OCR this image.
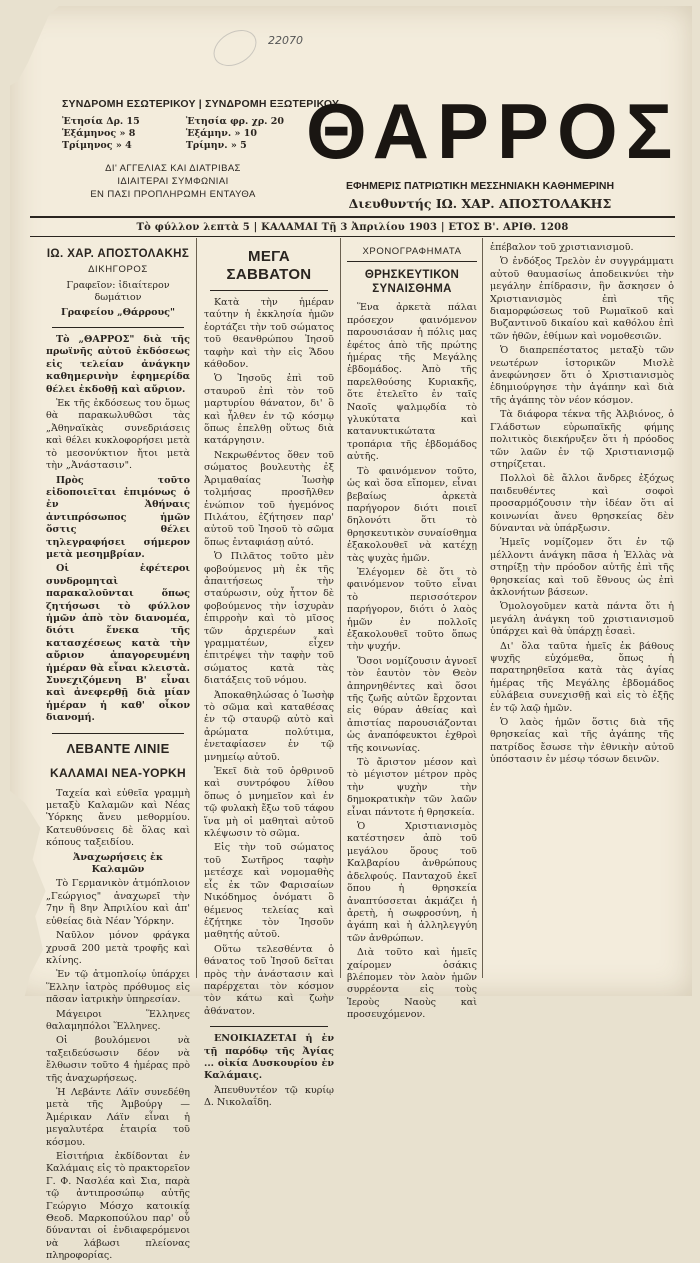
22070
ΣΥΝΔΡΟΜΗ ΕΣΩΤΕΡΙΚΟΥ | ΣΥΝΔΡΟΜΗ ΕΞΩΤΕΡΙΚΟΥ
Ἐτησία Δρ. 15
Ἑξάμηνος » 8
Τρίμηνος » 4
Ἐτησία φρ. χρ. 20
Ἑξάμην. » 10
Τρίμην. » 5
ΔΙ' ΑΓΓΕΛΙΑΣ ΚΑΙ ΔΙΑΤΡΙΒΑΣ
ΙΔΙΑΙΤΕΡΑΙ ΣΥΜΦΩΝΙΑΙ
ΕΝ ΠΑΣΙ ΠΡΟΠΛΗΡΩΜΗ ΕΝΤΑΥΘΑ
ΘΑΡΡΟΣ
ΕΦΗΜΕΡΙΣ ΠΑΤΡΙΩΤΙΚΗ ΜΕΣΣΗΝΙΑΚΗ ΚΑΘΗΜΕΡΙΝΗ
Διευθυντής ΙΩ. ΧΑΡ. ΑΠΟΣΤΟΛΑΚΗΣ
Τὸ φύλλον λεπτὰ 5 | ΚΑΛΑΜΑΙ Τῇ 3 Ἀπριλίου 1903 | ΕΤΟΣ Β'. ΑΡΙΘ. 1208
ΙΩ. ΧΑΡ. ΑΠΟΣΤΟΛΑΚΗΣ
ΔΙΚΗΓΟΡΟΣ

Γραφεῖον: ἰδιαίτερον δωμάτιον

Γραφείου „Θάρρους"

Τὸ „ΘΑΡΡΟΣ" διὰ τῆς πρωϊνῆς αὐτοῦ ἐκδόσεως εἰς τελείαν ἀνάγκην καθημερινὴν ἐφημερίδα θέλει ἐκδοθῇ καὶ αὔριον.

Ἐκ τῆς ἐκδόσεως του ὅμως θὰ παρακωλυθῶσι τὰς „Ἀθηναϊκὰς συνεδριάσεις καὶ θέλει κυκλοφορήσει μετὰ τὸ μεσονύκτιον ἤτοι μετὰ τὴν „Ἀνάστασιν".

Πρὸς τοῦτο εἰδοποιεῖται ἐπιμόνως ὁ ἐν Ἀθήναις ἀντιπρόσωπος ἡμῶν ὅστις θέλει τηλεγραφήσει σήμερον μετὰ μεσημβρίαν.

Οἱ ἐφέτεροι συνδρομηταὶ παρακαλοῦνται ὅπως ζητήσωσι τὸ φύλλον ἡμῶν ἀπὸ τὸν διανομέα, διότι ἕνεκα τῆς κατασχέσεως κατὰ τὴν αὔριον ἀπαγορευμένη ἡμέραν θὰ εἶναι κλειστὰ. Συνεχιζόμενη Β' εἶναι καὶ ἀνεφερθῇ διὰ μίαν ἡμέραν ἡ καθ' οἶκον διανομή.

ΛΕΒΑΝΤΕ ΛΙΝΙΕ
ΚΑΛΑΜΑΙ ΝΕΑ-ΥΟΡΚΗ

Ταχεία καὶ εὐθεῖα γραμμὴ μεταξὺ Καλαμῶν καὶ Νέας Ὑόρκης ἄνευ μεθορμίου. Κατευθύνσεις δὲ ὅλας καὶ κόπους ταξειδίου.

Ἀναχωρήσεις ἐκ Καλαμῶν

Τὸ Γερμανικὸν ἀτμόπλοιον „Γεώργιος" ἀναχωρεῖ τὴν 7ην ἢ 8ην Ἀπριλίου καὶ ἀπ' εὐθείας διὰ Νέαν Ὑόρκην.

Ναῦλον μόνον φράγκα χρυσᾶ 200 μετὰ τροφῆς καὶ κλίνης.

Ἐν τῷ ἀτμοπλοίῳ ὑπάρχει Ἕλλην ἰατρὸς πρόθυμος εἰς πᾶσαν ἰατρικὴν ὑπηρεσίαν.

Μάγειροι Ἕλληνες θαλαμηπόλοι Ἕλληνες.

Οἱ βουλόμενοι νὰ ταξειδεύσωσιν δέον νὰ ἔλθωσιν τοῦτο 4 ἡμέρας πρὸ τῆς ἀναχωρήσεως.

Ἡ Λεβάντε Λάϊν συνεδέθη μετὰ τῆς Ἀμβούργ — Ἀμέρικαν Λάϊν εἶναι ἡ μεγαλυτέρα ἑταιρία τοῦ κόσμου.

Εἰσιτήρια ἐκδίδονται ἐν Καλάμαις εἰς τὸ πρακτορεῖον Γ. Φ. Νασλέα καὶ Σια, παρὰ τῷ ἀντιπροσώπῳ αὐτῆς Γεώργιο Μόσχο κατοικίᾳ Θεοδ. Μαρκοπούλου παρ' οὗ δύνανται οἱ ἐνδιαφερόμενοι νὰ λάβωσι πλείονας πληροφορίας.

ΜΕΓΑ ΣΑΒΒΑΤΟΝ

Κατὰ τὴν ἡμέραν ταύτην ἡ ἐκκλησία ἡμῶν ἑορτάζει τὴν τοῦ σώματος τοῦ θεανθρώπου Ἰησοῦ ταφὴν καὶ τὴν εἰς Ἅδου κάθοδον.

Ὁ Ἰησοῦς ἐπὶ τοῦ σταυροῦ ἐπὶ τὸν τοῦ μαρτυρίου θάνατον, δι' ὃ καὶ ἦλθεν ἐν τῷ κόσμῳ ὅπως ἐπελθῃ οὕτως διὰ κατάργησιν.

Νεκρωθέντος ὅθεν τοῦ σώματος βουλευτὴς ἐξ Ἀριμαθαίας Ἰωσὴφ τολμήσας προσῆλθεν ἐνώπιον τοῦ ἡγεμόνος Πιλάτου, ἐζήτησεν παρ' αὐτοῦ τοῦ Ἰησοῦ τὸ σῶμα ὅπως ἐνταφιάσῃ αὐτό.

Ὁ Πιλᾶτος τοῦτο μὲν φοβούμενος μὴ ἐκ τῆς ἀπαιτήσεως τὴν σταύρωσιν, οὐχ ἧττον δὲ φοβούμενος τὴν ἰσχυρὰν ἐπιρροὴν καὶ τὸ μῖσος τῶν ἀρχιερέων καὶ γραμματέων, εἶχεν ἐπιτρέψει τὴν ταφὴν τοῦ σώματος κατὰ τὰς διατάξεις τοῦ νόμου.

Ἀποκαθηλώσας ὁ Ἰωσὴφ τὸ σῶμα καὶ καταθέσας ἐν τῷ σταυρῷ αὐτὸ καὶ ἀρώματα πολύτιμα, ἐνεταφίασεν ἐν τῷ μνημείῳ αὐτοῦ.

Ἐκεῖ διὰ τοῦ ὀρθρινοῦ καὶ συντρόφου λίθου ὅπως ὁ μνημεῖον καὶ ἐν τῷ φυλακὴ ἔξω τοῦ τάφου ἵνα μὴ οἱ μαθηταὶ αὐτοῦ κλέψωσιν τὸ σῶμα.

Εἰς τὴν τοῦ σώματος τοῦ Σωτῆρος ταφὴν μετέσχε καὶ νομομαθὴς εἷς ἐκ τῶν Φαρισαίων Νικόδημος ὀνόματι ὃ θέμενος τελείας καὶ ἐζήτηκε τὸν Ἰησοῦν μαθητής αὐτοῦ.

Οὕτω τελεσθέντα ὁ θάνατος τοῦ Ἰησοῦ δεῖται πρὸς τὴν ἀνάστασιν καὶ παρέρχεται τὸν κόσμον τὸν κάτω καὶ ζωὴν ἀθάνατον.

ΕΝΟΙΚΙΑΖΕΤΑΙ ἡ ἐν τῇ παρόδῳ τῆς Ἀγίας ... οἰκία Δυσκουρίου ἐν Καλάμαις.

Ἀπευθυντέον τῷ κυρίῳ Δ. Νικολαΐδη.

ΧΡΟΝΟΓΡΑΦΗΜΑΤΑ
ΘΡΗΣΚΕΥΤΙΚΟΝ ΣΥΝΑΙΣΘΗΜΑ

Ἕνα ἀρκετὰ πάλαι πρόσεχον φαινόμενον παρουσιάσαν ἡ πόλις μας ἐφέτος ἀπὸ τῆς πρώτης ἡμέρας τῆς Μεγάλης ἑβδομάδος. Ἀπὸ τῆς παρελθούσης Κυριακῆς, ὅτε ἐτελεῖτο ἐν ταῖς Ναοῖς ψαλμῳδία τὸ γλυκύτατα καὶ κατανυκτικώτατα τροπάρια τῆς ἑβδομάδος αὐτῆς.

Τὸ φαινόμενον τοῦτο, ὡς καὶ ὅσα εἴπομεν, εἶναι βεβαίως ἀρκετὰ παρήγορον διότι ποιεῖ δηλονότι ὅτι τὸ θρησκευτικὸν συναίσθημα ἐξακολουθεῖ νὰ κατέχῃ τὰς ψυχὰς ἡμῶν.

Ἐλέγομεν δὲ ὅτι τὸ φαινόμενον τοῦτο εἶναι τὸ περισσότερον παρήγορον, διότι ὁ λαὸς ἡμῶν ἐν πολλοῖς ἐξακολουθεῖ τοῦτο ὅπως τὴν ψυχήν.

Ὅσοι νομίζουσιν ἀγνοεῖ τὸν ἑαυτὸν τὸν Θεὸν ἀπηρνηθέντες καὶ ὅσοι τῆς ζωῆς αὐτῶν ἔρχονται εἰς θύραν ἀθείας καὶ ἀπιστίας παρουσιάζονται ὡς ἀναπόφευκτοι ἐχθροὶ τῆς κοινωνίας.

Τὸ ἄριστον μέσον καὶ τὸ μέγιστον μέτρον πρὸς τὴν ψυχὴν τὴν δημοκρατικὴν τῶν λαῶν εἶναι πάντοτε ἡ θρησκεία.

Ὁ Χριστιανισμὸς κατέστησεν ἀπὸ τοῦ μεγάλου ὅρους τοῦ Καλβαρίου ἀνθρώπους ἀδελφούς. Πανταχοῦ ἐκεῖ ὅπου ἡ θρησκεία ἀναπτύσσεται ἀκμάζει ἡ ἀρετὴ, ἡ σωφροσύνη, ἡ ἀγάπη καὶ ἡ ἀλληλεγγύη τῶν ἀνθρώπων.

Διὰ τοῦτο καὶ ἡμεῖς χαίρομεν ὁσάκις βλέπομεν τὸν λαὸν ἡμῶν συρρέοντα εἰς τοὺς Ἱεροὺς Ναοὺς καὶ προσευχόμενον.

ἐπέβαλον τοῦ χριστιανισμοῦ.

Ὁ ἐνδόξος Τρελὸν ἐν συγγράμματι αὐτοῦ θαυμασίως ἀποδεικνύει τὴν μεγάλην ἐπίδρασιν, ἣν ἄσκησεν ὁ Χριστιανισμὸς ἐπὶ τῆς διαμορφώσεως τοῦ Ρωμαϊκοῦ καὶ Βυζαντινοῦ δικαίου καὶ καθόλου ἐπὶ τῶν ἠθῶν, ἐθίμων καὶ νομοθεσιῶν.

Ὁ διαπρεπέστατος μεταξὺ τῶν νεωτέρων ἱστορικῶν Μισλὲ ἀνεφώνησεν ὅτι ὁ Χριστιανισμὸς ἐδημιούργησε τὴν ἀγάπην καὶ διὰ τῆς ἀγάπης τὸν νέον κόσμον.

Τὰ διάφορα τέκνα τῆς Ἀλβιόνος, ὁ Γλάδστων εὐρωπαϊκῆς φήμης πολιτικὸς διεκήρυξεν ὅτι ἡ πρόοδος τῶν λαῶν ἐν τῷ Χριστιανισμῷ στηρίζεται.

Πολλοὶ δὲ ἄλλοι ἄνδρες ἐξόχως παιδευθέντες καὶ σοφοὶ προσαρμόζουσιν τὴν ἰδέαν ὅτι αἱ κοινωνίαι ἄνευ θρησκείας δὲν δύνανται νὰ ὑπάρξωσιν.

Ἡμεῖς νομίζομεν ὅτι ἐν τῷ μέλλοντι ἀνάγκη πᾶσα ἡ Ἑλλὰς νὰ στηρίξῃ τὴν πρόοδον αὐτῆς ἐπὶ τῆς θρησκείας καὶ τοῦ ἔθνους ὡς ἐπὶ ἀκλονήτων βάσεων.

Ὁμολογοῦμεν κατὰ πάντα ὅτι ἡ μεγάλη ἀνάγκη τοῦ χριστιανισμοῦ ὑπάρχει καὶ θὰ ὑπάρχῃ ἐσαεὶ.

Δι' ὅλα ταῦτα ἡμεῖς ἐκ βάθους ψυχῆς εὐχόμεθα, ὅπως ἡ παρατηρηθεῖσα κατὰ τὰς ἁγίας ἡμέρας τῆς Μεγάλης ἑβδομάδος εὐλάβεια συνεχισθῇ καὶ εἰς τὸ ἑξῆς ἐν τῷ λαῷ ἡμῶν.

Ὁ λαὸς ἡμῶν ὅστις διὰ τῆς θρησκείας καὶ τῆς ἀγάπης τῆς πατρίδος ἔσωσε τὴν ἐθνικὴν αὐτοῦ ὑπόστασιν ἐν μέσῳ τόσων δεινῶν.
